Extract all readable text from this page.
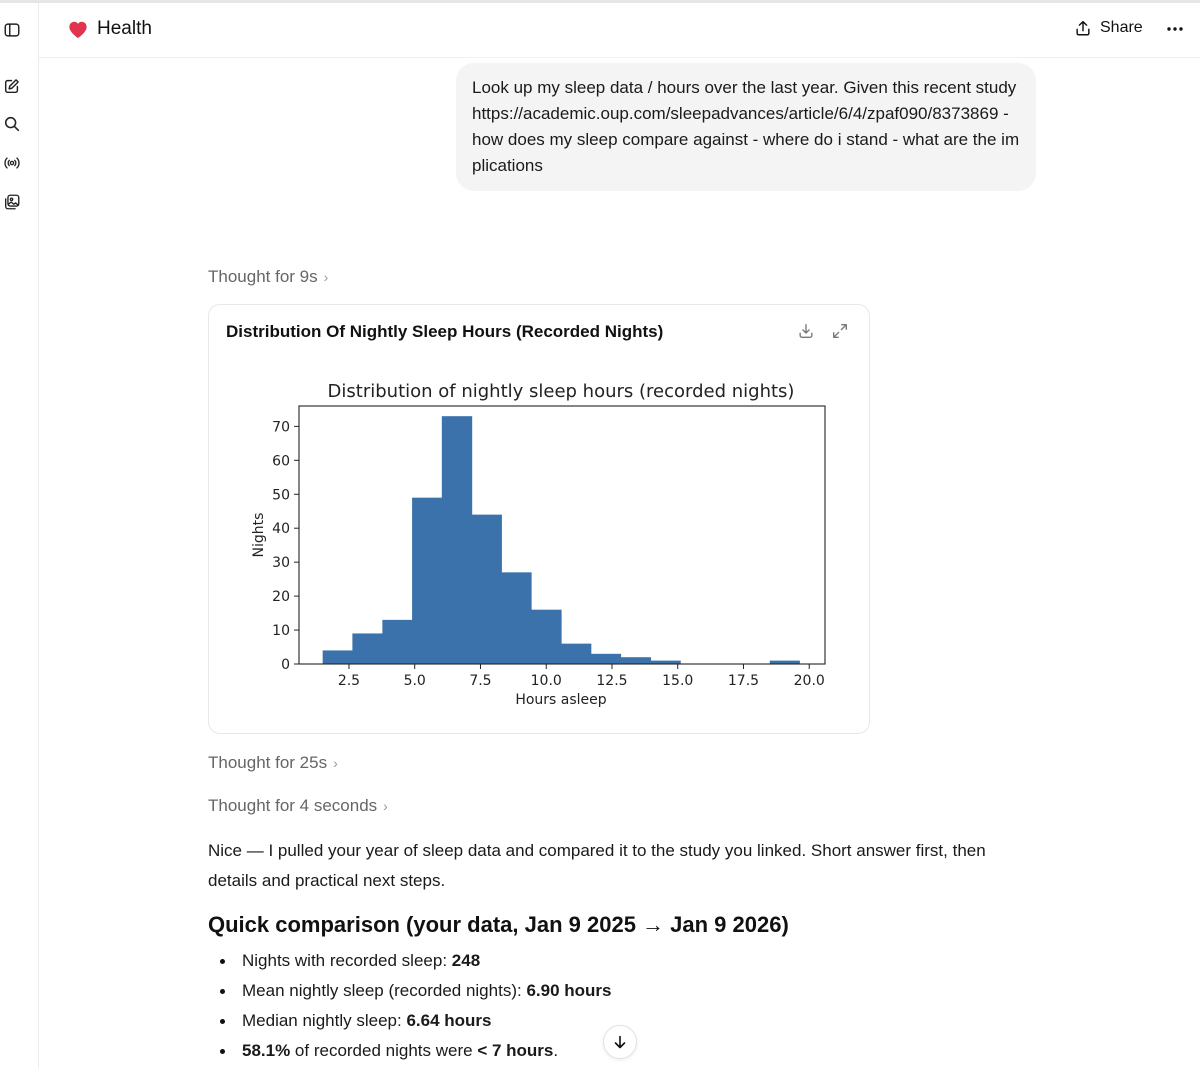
Health	Share
Look up my sleep data / hours over the last year. Given this recent study https://academic.oup.com/sleepadvances/article/6/4/zpaf090/8373869 - how does my sleep compare against - where do i stand - what are the implications
Thought for 9s ›
Distribution Of Nightly Sleep Hours (Recorded Nights)
Distribution of nightly sleep hours (recorded nights)
2.5	5.0	7.5	10.0 12.5 15.0 17.5 20.0
0
10
20
30
40
50
60
70
Hours asleep
Nights
Thought for 25s ›
Thought for 4 seconds ›
Nice — I pulled your year of sleep data and compared it to the study you linked. Short answer first, then details and practical next steps.
Quick comparison (your data, Jan 9 2025 → Jan 9 2026)
Nights with recorded sleep: 248
Mean nightly sleep (recorded nights): 6.90 hours
Median nightly sleep: 6.64 hours
58.1% of recorded nights were < 7 hours.
